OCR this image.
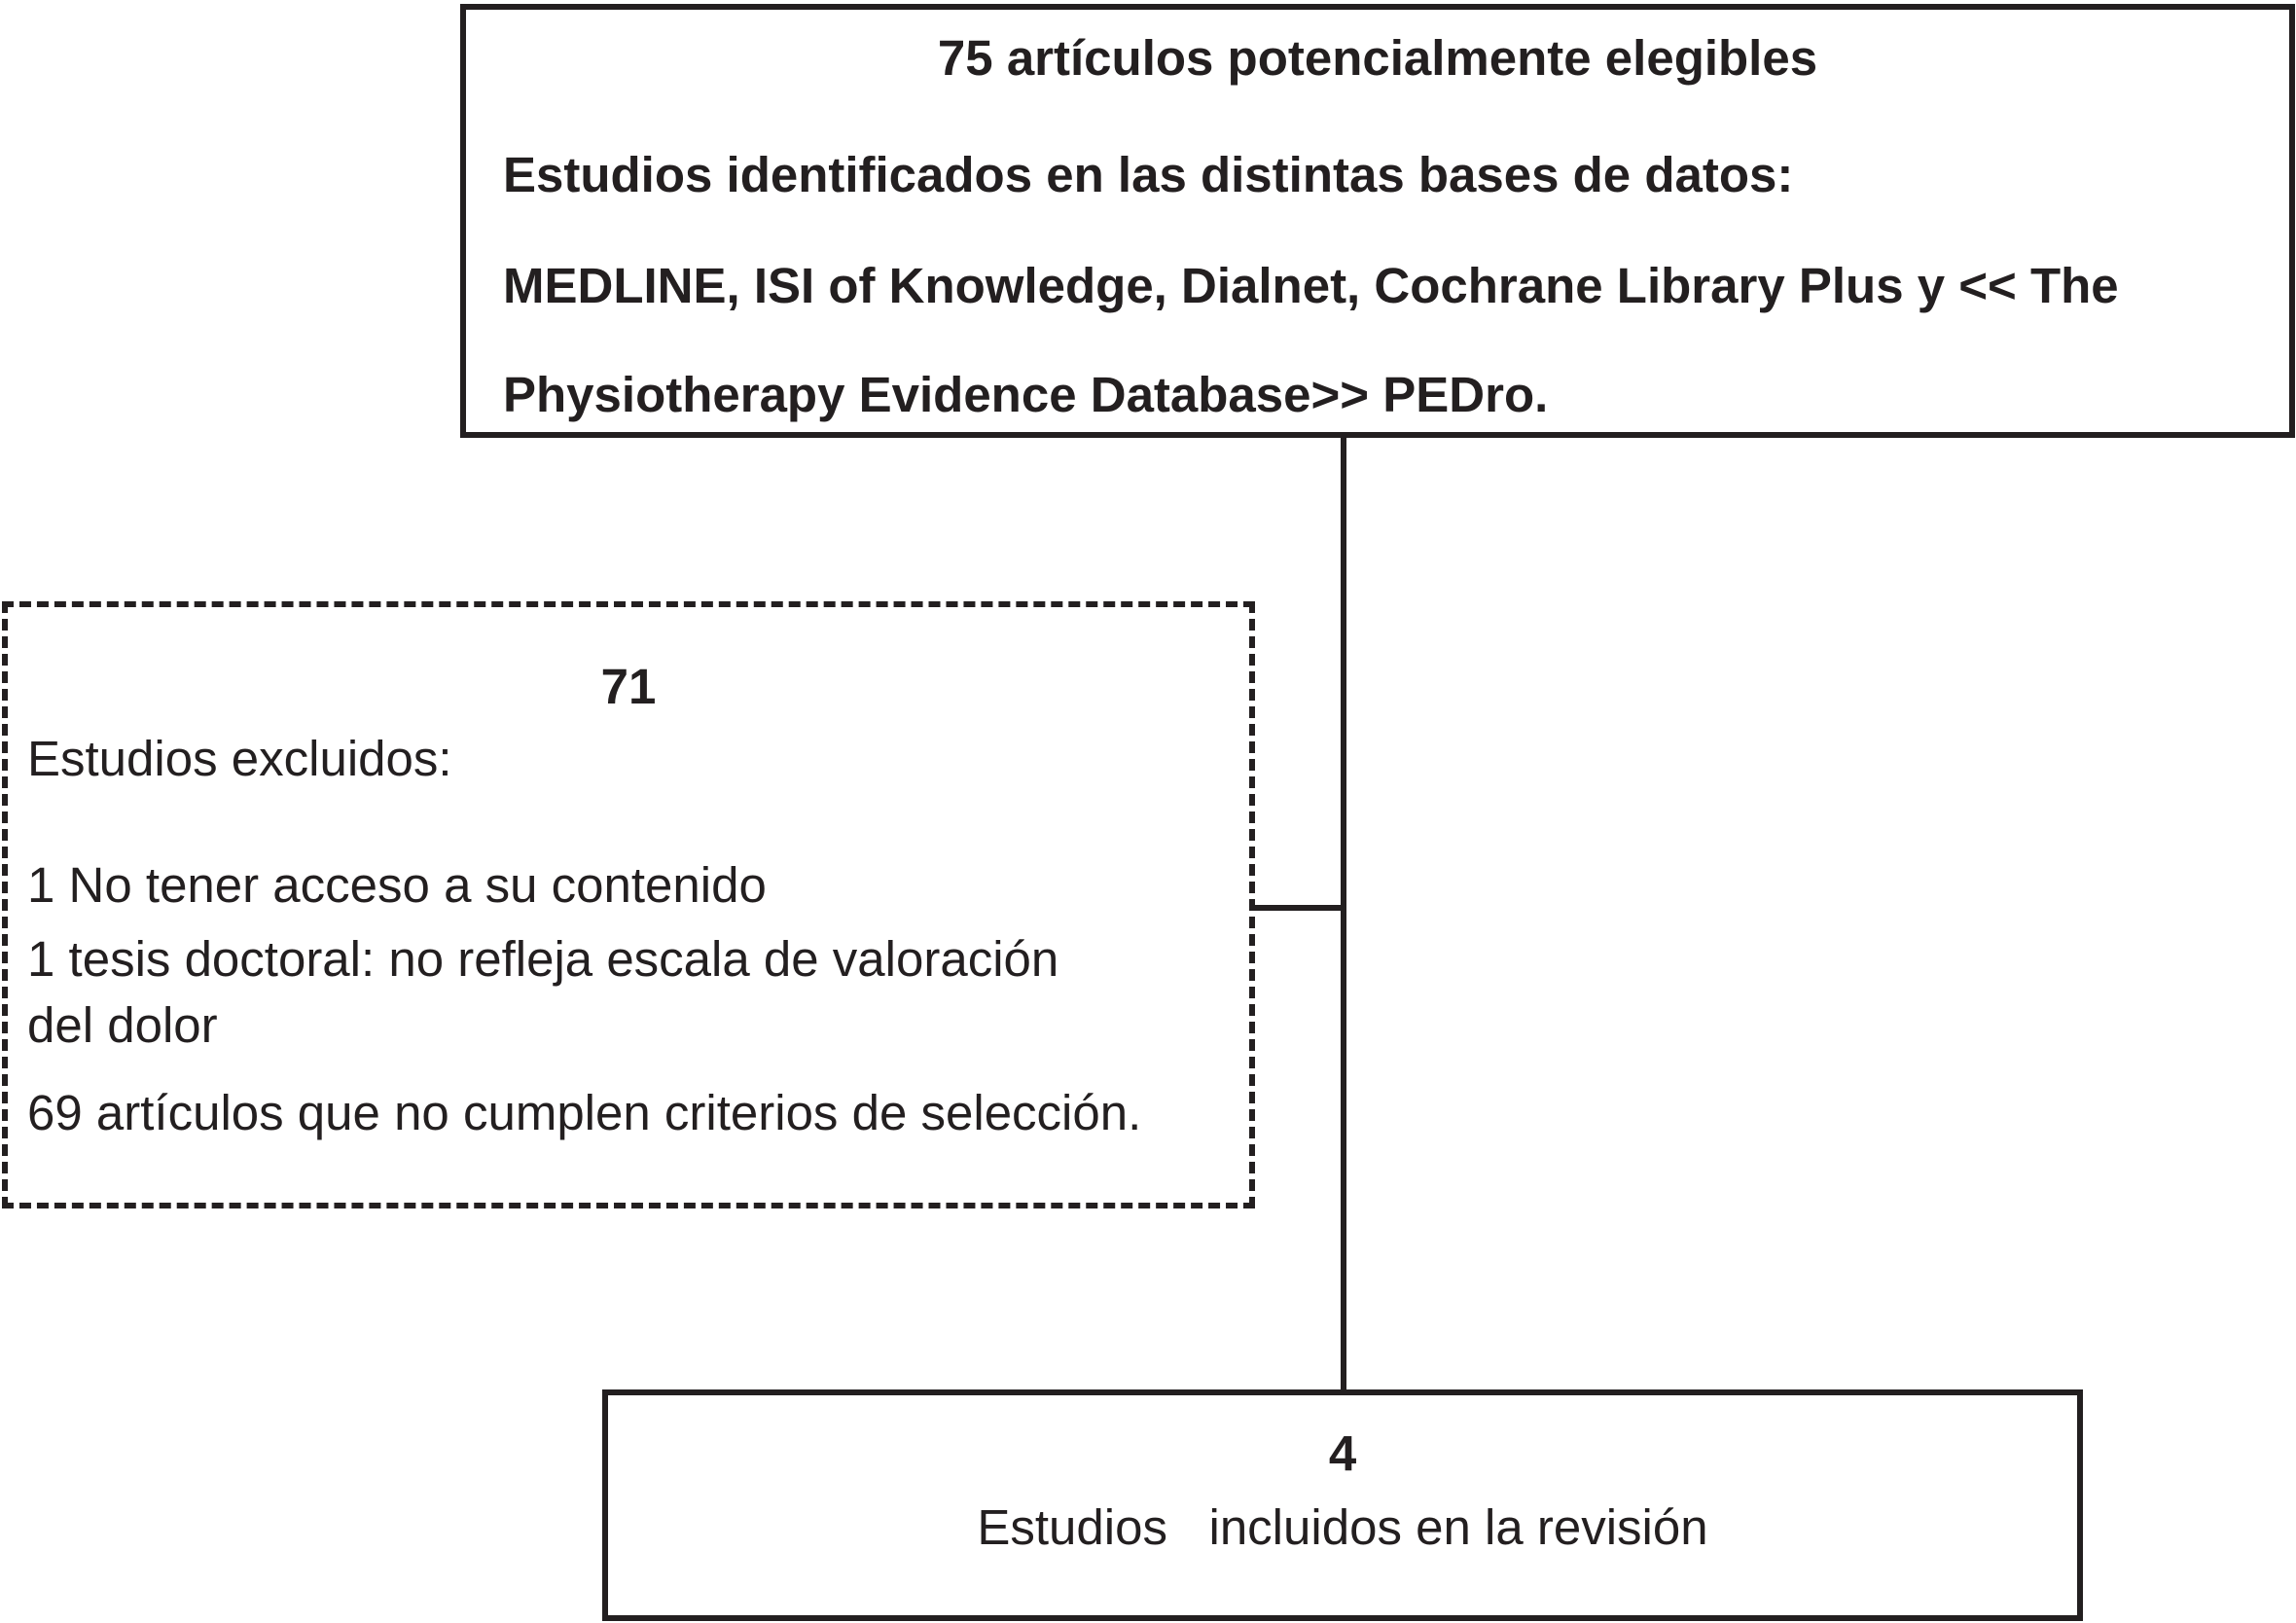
75 artículos potencialmente elegibles
Estudios identificados en las distintas bases de datos:
MEDLINE, ISI of Knowledge, Dialnet, Cochrane Library Plus y << The
Physiotherapy Evidence Database>> PEDro.
71
Estudios excluidos:
1 No tener acceso a su contenido
1 tesis doctoral: no refleja escala de valoración
del dolor
69 artículos que no cumplen criterios de selección.
4
Estudios   incluidos en la revisión
